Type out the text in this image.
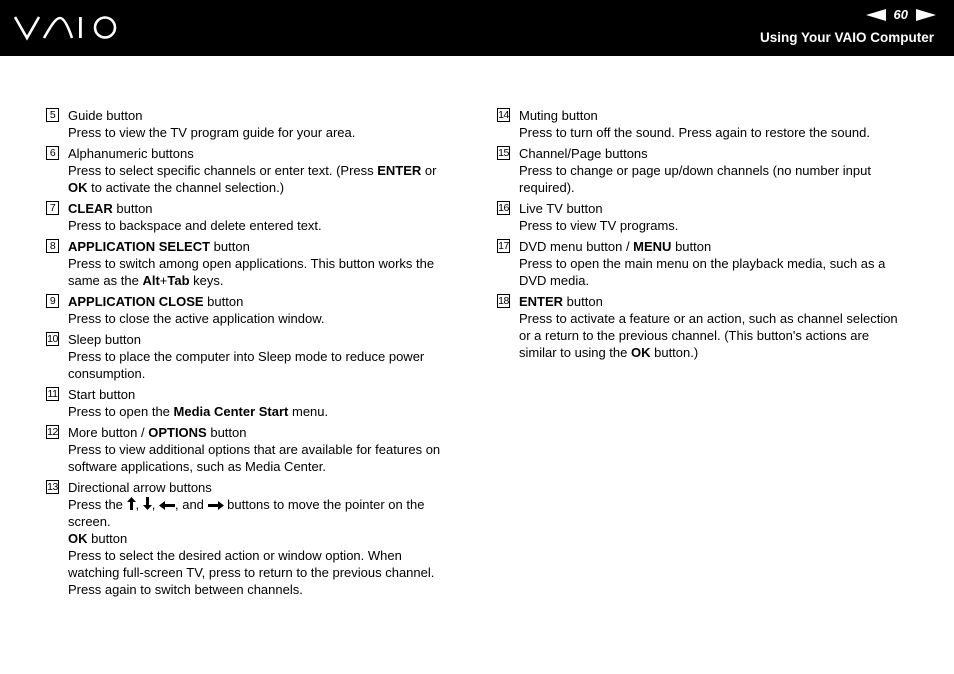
60
Using Your VAIO Computer
5 Guide button
Press to view the TV program guide for your area.
6 Alphanumeric buttons
Press to select specific channels or enter text. (Press ENTER or
OK to activate the channel selection.)
7 CLEAR button
Press to backspace and delete entered text.
8 APPLICATION SELECT button
Press to switch among open applications. This button works the
same as the Alt+Tab keys.
9 APPLICATION CLOSE button
Press to close the active application window.
10 Sleep button
Press to place the computer into Sleep mode to reduce power
consumption.
11 Start button
Press to open the Media Center Start menu.
12 More button / OPTIONS button
Press to view additional options that are available for features on
software applications, such as Media Center.
13 Directional arrow buttons
Press the , , , and  buttons to move the pointer on the
screen.
OK button
Press to select the desired action or window option. When
watching full-screen TV, press to return to the previous channel.
Press again to switch between channels.
14 Muting button
Press to turn off the sound. Press again to restore the sound.
15 Channel/Page buttons
Press to change or page up/down channels (no number input
required).
16 Live TV button
Press to view TV programs.
17 DVD menu button / MENU button
Press to open the main menu on the playback media, such as a
DVD media.
18 ENTER button
Press to activate a feature or an action, such as channel selection
or a return to the previous channel. (This button's actions are
similar to using the OK button.)
